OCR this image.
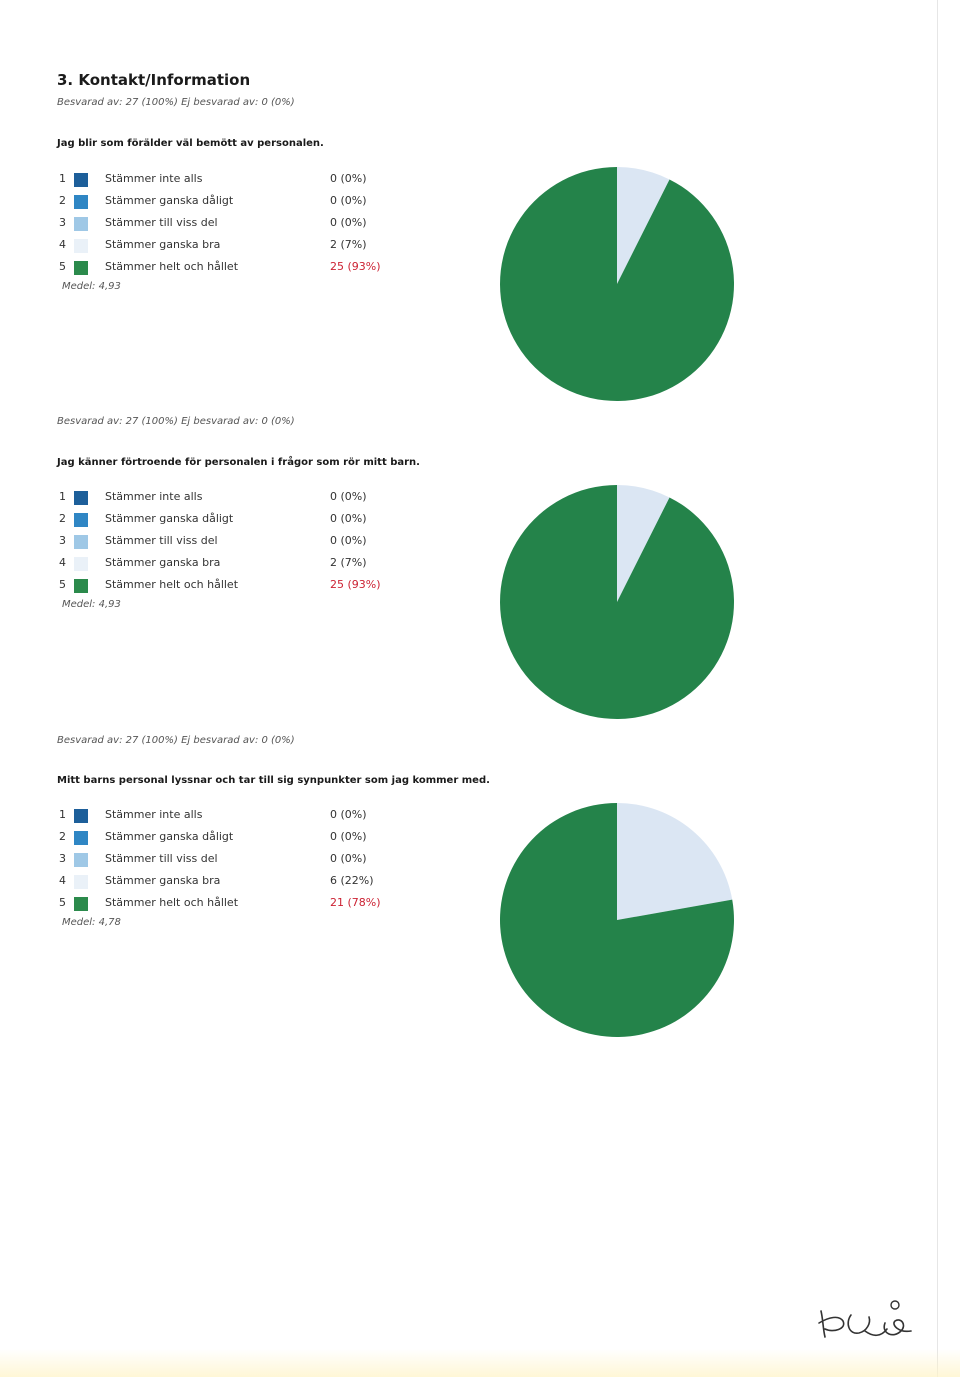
3. Kontakt/Information
Besvarad av: 27 (100%) Ej besvarad av: 0 (0%)
Jag blir som förälder väl bemött av personalen.
1	Stämmer inte alls	0 (0%)
2	Stämmer ganska dåligt	0 (0%)
3	Stämmer till viss del	0 (0%)
4	Stämmer ganska bra	2 (7%)
5	Stämmer helt och hållet	25 (93%)
Medel: 4,93
Besvarad av: 27 (100%) Ej besvarad av: 0 (0%)
Jag känner förtroende för personalen i frågor som rör mitt barn.
1	Stämmer inte alls	0 (0%)
2	Stämmer ganska dåligt	0 (0%)
3	Stämmer till viss del	0 (0%)
4	Stämmer ganska bra	2 (7%)
5	Stämmer helt och hållet	25 (93%)
Medel: 4,93
Besvarad av: 27 (100%) Ej besvarad av: 0 (0%)
Mitt barns personal lyssnar och tar till sig synpunkter som jag kommer med.
1	Stämmer inte alls	0 (0%)
2	Stämmer ganska dåligt	0 (0%)
3	Stämmer till viss del	0 (0%)
4	Stämmer ganska bra	6 (22%)
5	Stämmer helt och hållet	21 (78%)
Medel: 4,78
